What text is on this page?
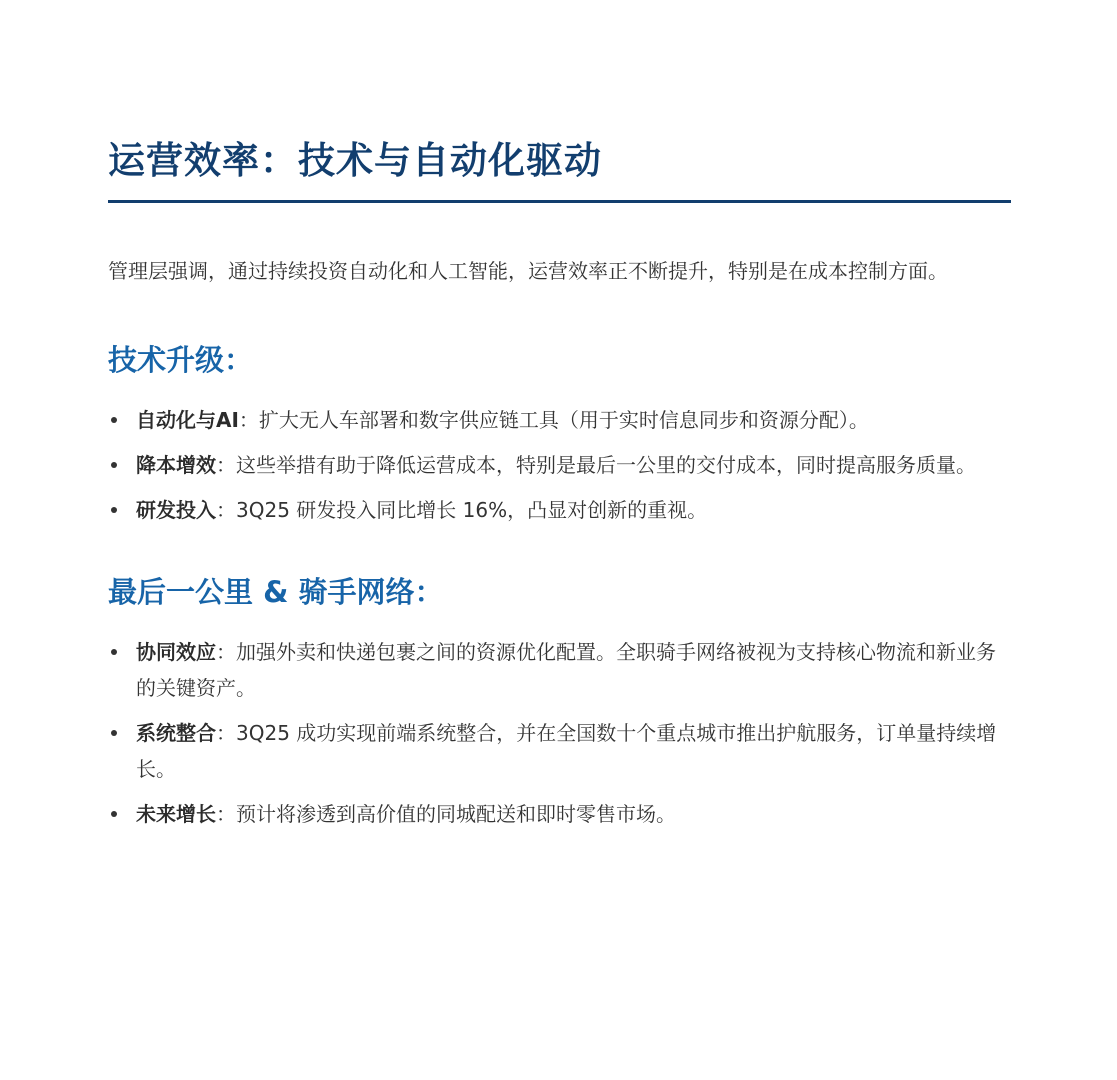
运营效率：技术与自动化驱动

管理层强调，通过持续投资自动化和人工智能，运营效率正不断提升，特别是在成本控制方面。

技术升级：
自动化与AI：扩大无人车部署和数字供应链工具（用于实时信息同步和资源分配）。
降本增效：这些举措有助于降低运营成本，特别是最后一公里的交付成本，同时提高服务质量。
研发投入：3Q25 研发投入同比增长 16%，凸显对创新的重视。
最后一公里 & 骑手网络：
协同效应：加强外卖和快递包裹之间的资源优化配置。全职骑手网络被视为支持核心物流和新业务的关键资产。
系统整合：3Q25 成功实现前端系统整合，并在全国数十个重点城市推出护航服务，订单量持续增长。
未来增长：预计将渗透到高价值的同城配送和即时零售市场。
